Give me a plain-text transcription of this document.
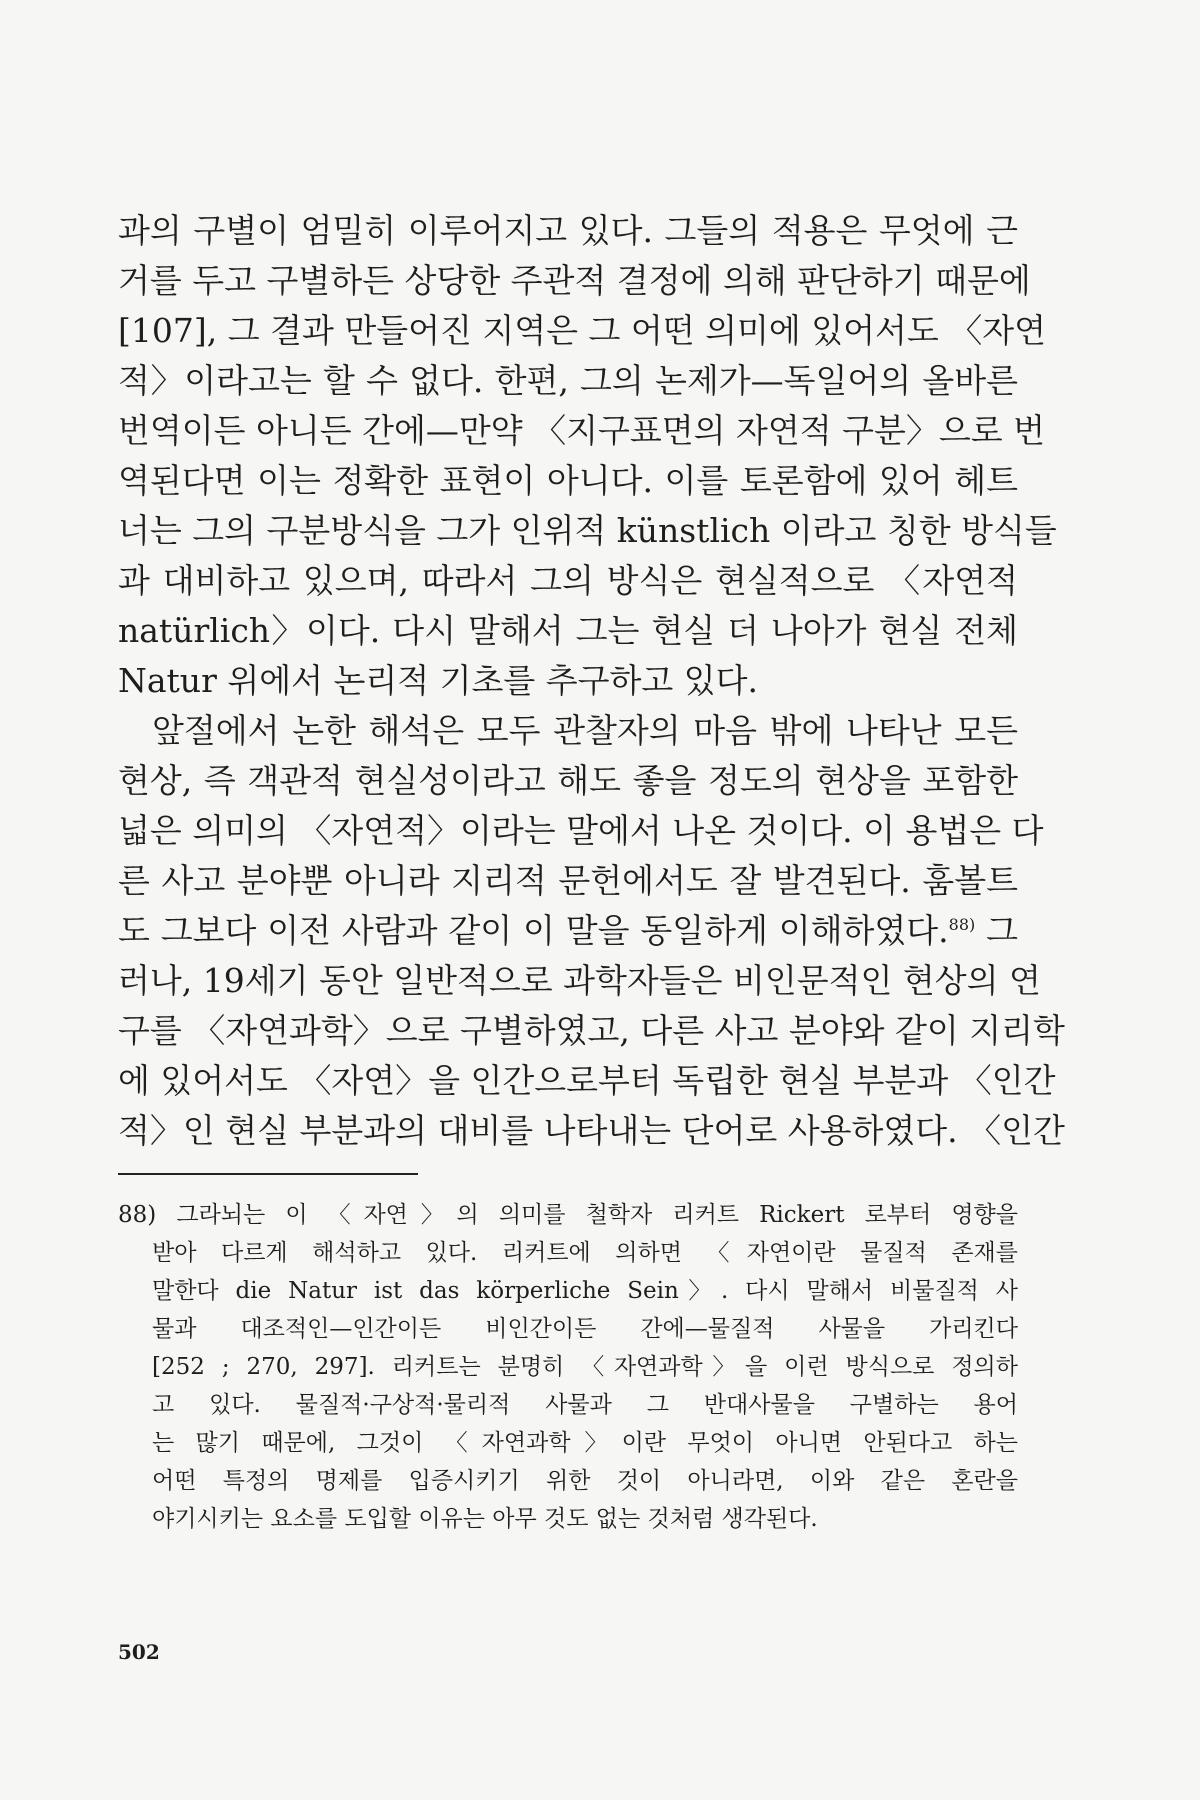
과의 구별이 엄밀히 이루어지고 있다. 그들의 적용은 무엇에 근
거를 두고 구별하든 상당한 주관적 결정에 의해 판단하기 때문에
[107], 그 결과 만들어진 지역은 그 어떤 의미에 있어서도 〈자연
적〉이라고는 할 수 없다. 한편, 그의 논제가—독일어의 올바른
번역이든 아니든 간에—만약 〈지구표면의 자연적 구분〉으로 번
역된다면 이는 정확한 표현이 아니다. 이를 토론함에 있어 헤트
너는 그의 구분방식을 그가 인위적 künstlich 이라고 칭한 방식들
과 대비하고 있으며, 따라서 그의 방식은 현실적으로 〈자연적
natürlich〉이다. 다시 말해서 그는 현실 더 나아가 현실 전체
Natur 위에서 논리적 기초를 추구하고 있다.
앞절에서 논한 해석은 모두 관찰자의 마음 밖에 나타난 모든
현상, 즉 객관적 현실성이라고 해도 좋을 정도의 현상을 포함한
넓은 의미의 〈자연적〉이라는 말에서 나온 것이다. 이 용법은 다
른 사고 분야뿐 아니라 지리적 문헌에서도 잘 발견된다. 훔볼트
도 그보다 이전 사람과 같이 이 말을 동일하게 이해하였다.$^{88)}$ 그
러나, 19세기 동안 일반적으로 과학자들은 비인문적인 현상의 연
구를 〈자연과학〉으로 구별하였고, 다른 사고 분야와 같이 지리학
에 있어서도 〈자연〉을 인간으로부터 독립한 현실 부분과 〈인간
적〉인 현실 부분과의 대비를 나타내는 단어로 사용하였다. 〈인간
88) 그라뇌는 이 〈자연〉의 의미를 철학자 리커트 Rickert 로부터 영향을
받아 다르게 해석하고 있다. 리커트에 의하면 〈자연이란 물질적 존재를
말한다 die Natur ist das körperliche Sein〉. 다시 말해서 비물질적 사
물과 대조적인—인간이든 비인간이든 간에—물질적 사물을 가리킨다
[252 ; 270, 297]. 리커트는 분명히 〈자연과학〉을 이런 방식으로 정의하
고 있다. 물질적·구상적·물리적 사물과 그 반대사물을 구별하는 용어
는 많기 때문에, 그것이 〈자연과학〉이란 무엇이 아니면 안된다고 하는
어떤 특정의 명제를 입증시키기 위한 것이 아니라면, 이와 같은 혼란을
야기시키는 요소를 도입할 이유는 아무 것도 없는 것처럼 생각된다.
502
